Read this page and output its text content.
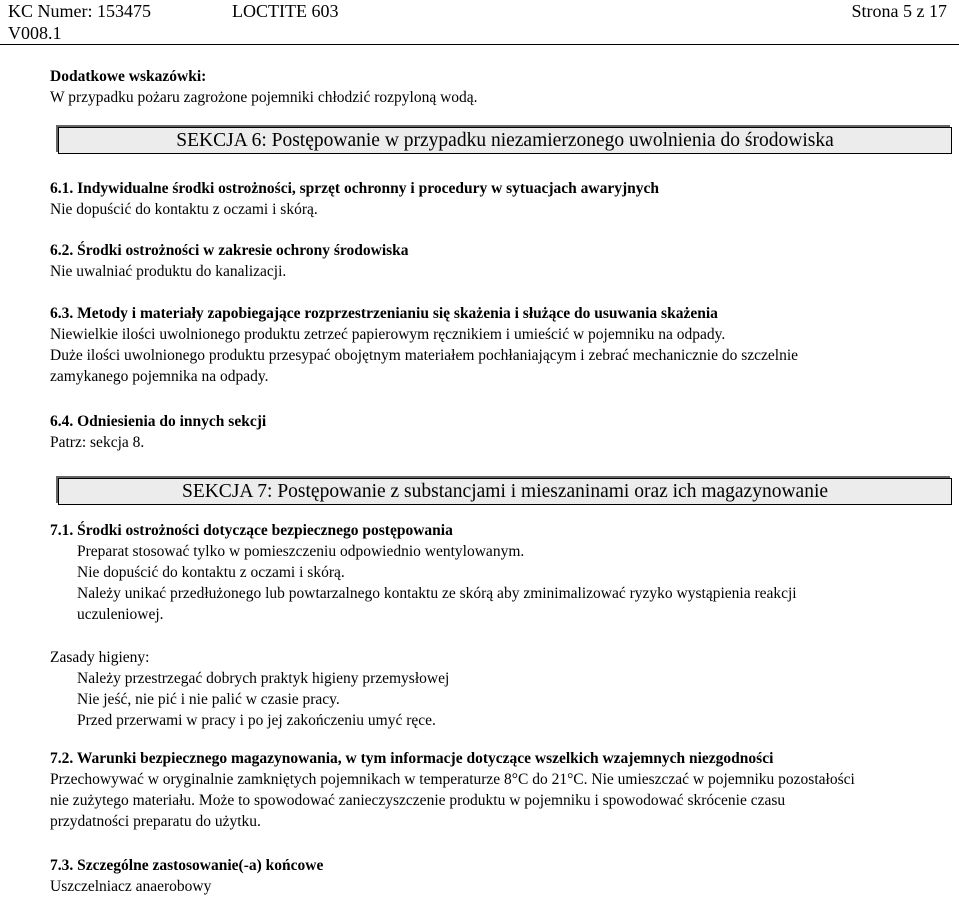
KC Numer: 153475	LOCTITE 603	Strona 5 z 17
V008.1
Dodatkowe wskazówki:
W przypadku pożaru zagrożone pojemniki chłodzić rozpyloną wodą.
SEKCJA 6: Postępowanie w przypadku niezamierzonego uwolnienia do środowiska
6.1. Indywidualne środki ostrożności, sprzęt ochronny i procedury w sytuacjach awaryjnych
Nie dopuścić do kontaktu z oczami i skórą.
6.2. Środki ostrożności w zakresie ochrony środowiska
Nie uwalniać produktu do kanalizacji.
6.3. Metody i materiały zapobiegające rozprzestrzenianiu się skażenia i służące do usuwania skażenia
Niewielkie ilości uwolnionego produktu zetrzeć papierowym ręcznikiem i umieścić w pojemniku na odpady.
Duże ilości uwolnionego produktu przesypać obojętnym materiałem pochłaniającym i zebrać mechanicznie do szczelnie
zamykanego pojemnika na odpady.
6.4. Odniesienia do innych sekcji
Patrz: sekcja 8.
SEKCJA 7: Postępowanie z substancjami i mieszaninami oraz ich magazynowanie
7.1. Środki ostrożności dotyczące bezpiecznego postępowania
Preparat stosować tylko w pomieszczeniu odpowiednio wentylowanym.
Nie dopuścić do kontaktu z oczami i skórą.
Należy unikać przedłużonego lub powtarzalnego kontaktu ze skórą aby zminimalizować ryzyko wystąpienia reakcji
uczuleniowej.
Zasady higieny:
Należy przestrzegać dobrych praktyk higieny przemysłowej
Nie jeść, nie pić i nie palić w czasie pracy.
Przed przerwami w pracy i po jej zakończeniu umyć ręce.
7.2. Warunki bezpiecznego magazynowania, w tym informacje dotyczące wszelkich wzajemnych niezgodności
Przechowywać w oryginalnie zamkniętych pojemnikach w temperaturze 8°C do 21°C. Nie umieszczać w pojemniku pozostałości
nie zużytego materiału. Może to spowodować zanieczyszczenie produktu w pojemniku i spowodować skrócenie czasu
przydatności preparatu do użytku.
7.3. Szczególne zastosowanie(-a) końcowe
Uszczelniacz anaerobowy
